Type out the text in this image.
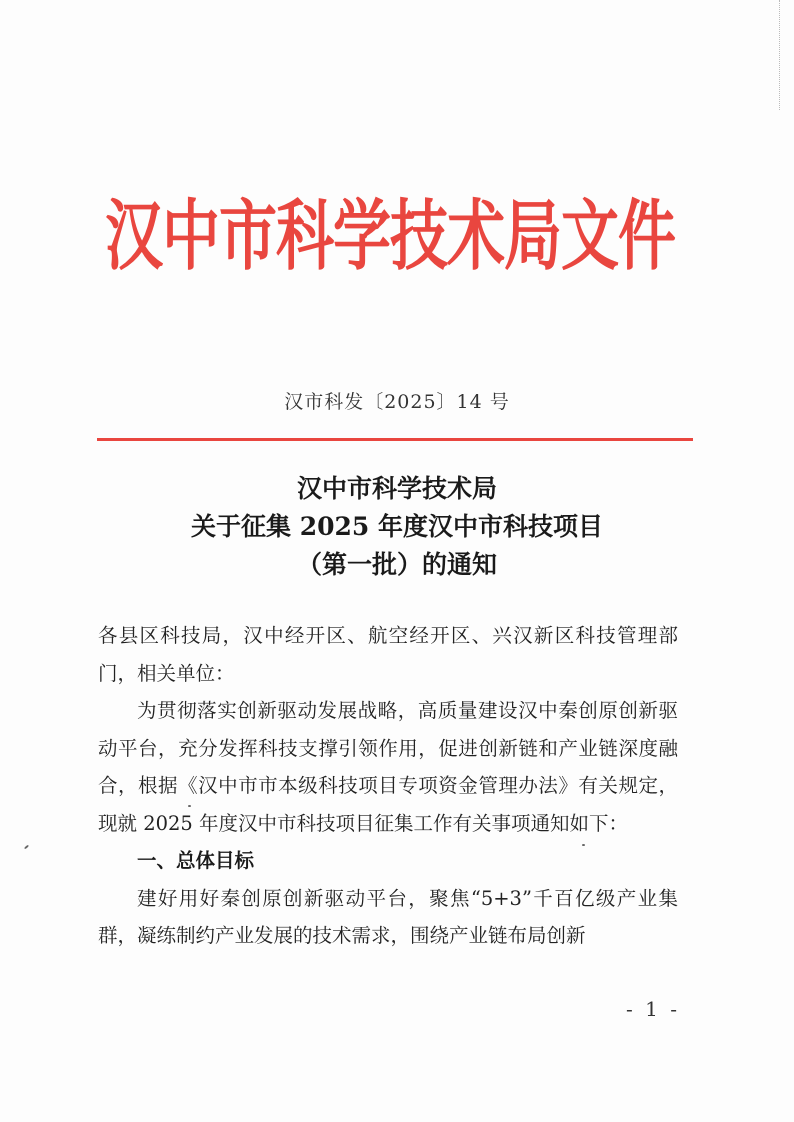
汉中市科学技术局文件
汉市科发〔2025〕14 号
汉中市科学技术局
关于征集 2025 年度汉中市科技项目
（第一批）的通知

各县区科技局，汉中经开区、航空经开区、兴汉新区科技管理部门，相关单位：

为贯彻落实创新驱动发展战略，高质量建设汉中秦创原创新驱动平台，充分发挥科技支撑引领作用，促进创新链和产业链深度融合，根据《汉中市市本级科技项目专项资金管理办法》有关规定，现就 2025 年度汉中市科技项目征集工作有关事项通知如下：

一、总体目标

建好用好秦创原创新驱动平台，聚焦“5+3”千百亿级产业集群，凝练制约产业发展的技术需求，围绕产业链布局创新

- 1 -
